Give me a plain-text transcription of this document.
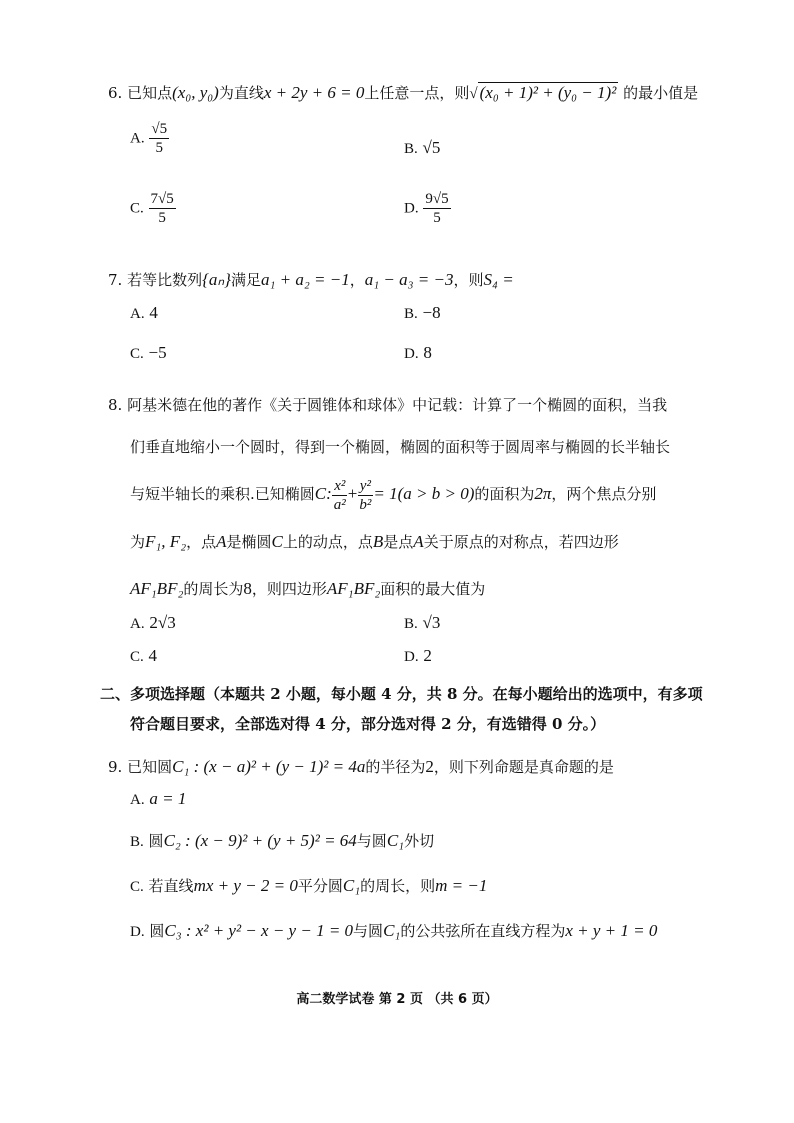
6. 已知点(x₀, y₀)为直线x + 2y + 6 = 0上任意一点，则√ (x₀ + 1)² + (y₀ − 1)² 的最小值是
A. $\frac{√5}{5}$	B. √5
C. $\frac{7√5}{5}$	D. $\frac{9√5}{5}$
7. 若等比数列{aₙ}满足a₁ + a₂ = −1，a₁ − a₃ = −3，则S₄ =
A. 4	B. −8
C. −5	D. 8
8. 阿基米德在他的著作《关于圆锥体和球体》中记载：计算了一个椭圆的面积，当我
们垂直地缩小一个圆时，得到一个椭圆，椭圆的面积等于圆周率与椭圆的长半轴长
与短半轴长的乘积.已知椭圆C: $\frac{\text{x²}}{\text{a²}} + \frac{\text{y²}}{\text{b²}} = 1(a > b > 0)$的面积为2π，两个焦点分别
为F₁, F₂，点A是椭圆C上的动点，点B是点A关于原点的对称点，若四边形
AF₁BF₂的周长为8，则四边形AF₁BF₂面积的最大值为
A. 2√3	B. √3
C. 4	D. 2
二、多项选择题（本题共 2 小题，每小题 4 分，共 8 分。在每小题给出的选项中，有多项
符合题目要求，全部选对得 4 分，部分选对得 2 分，有选错得 0 分。）
9. 已知圆C₁ : (x − a)² + (y − 1)² = 4a的半径为2，则下列命题是真命题的是
A. a = 1
B. 圆C₂ : (x − 9)² + (y + 5)² = 64与圆C₁外切
C. 若直线mx + y − 2 = 0平分圆C₁的周长，则m = −1
D. 圆C₃ : x² + y² − x − y − 1 = 0与圆C₁的公共弦所在直线方程为x + y + 1 = 0
高二数学试卷 第 2 页 （共 6 页）
